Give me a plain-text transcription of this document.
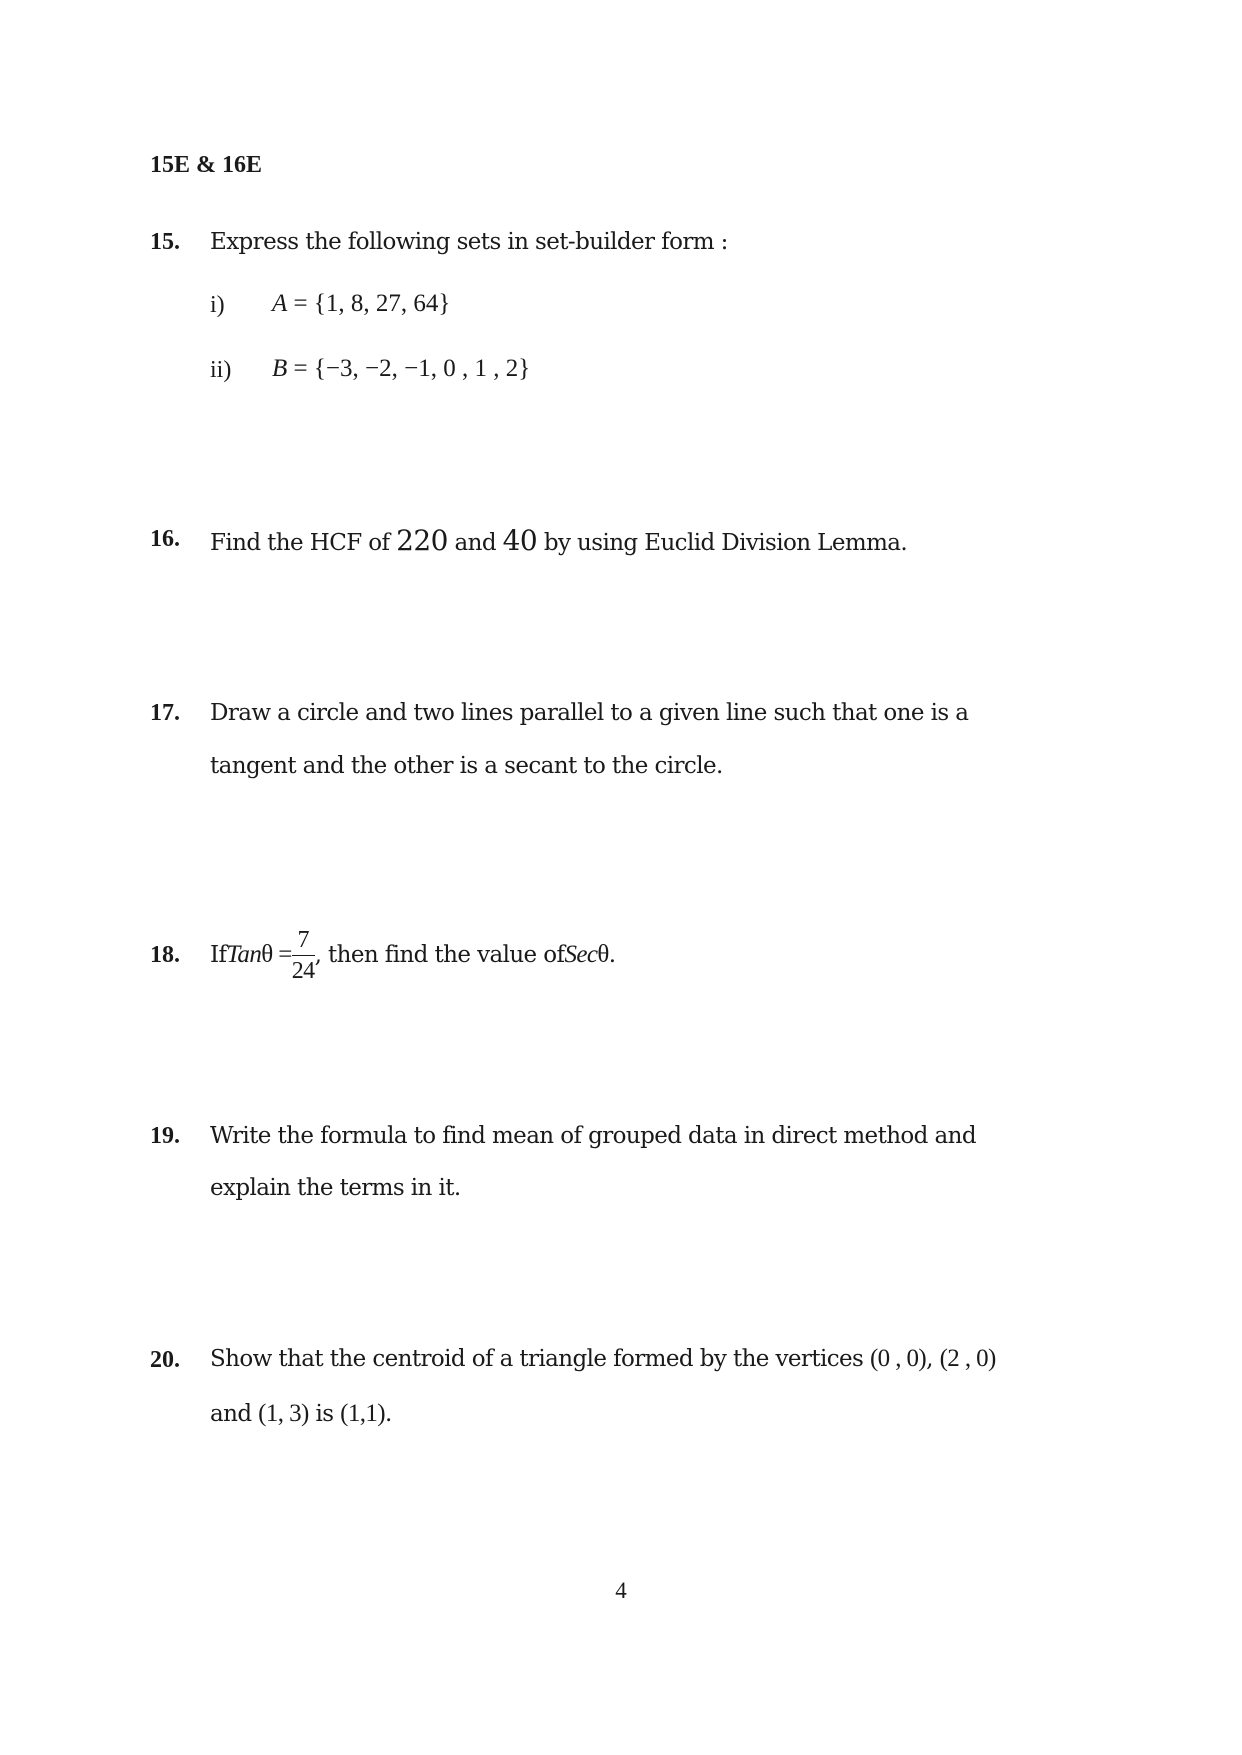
15E & 16E
15. Express the following sets in set-builder form :
i) A = {1, 8, 27, 64}
ii) B = {−3, −2, −1, 0 , 1 , 2}
16. Find the HCF of 220 and 40 by using Euclid Division Lemma.
17. Draw a circle and two lines parallel to a given line such that one is a
tangent and the other is a secant to the circle.
18. If $Tan\theta = \frac{7}{24}$ , then find the value of Secθ .
19. Write the formula to find mean of grouped data in direct method and
explain the terms in it.
20. Show that the centroid of a triangle formed by the vertices (0 , 0), (2 , 0)
and (1, 3) is (1,1).
4
